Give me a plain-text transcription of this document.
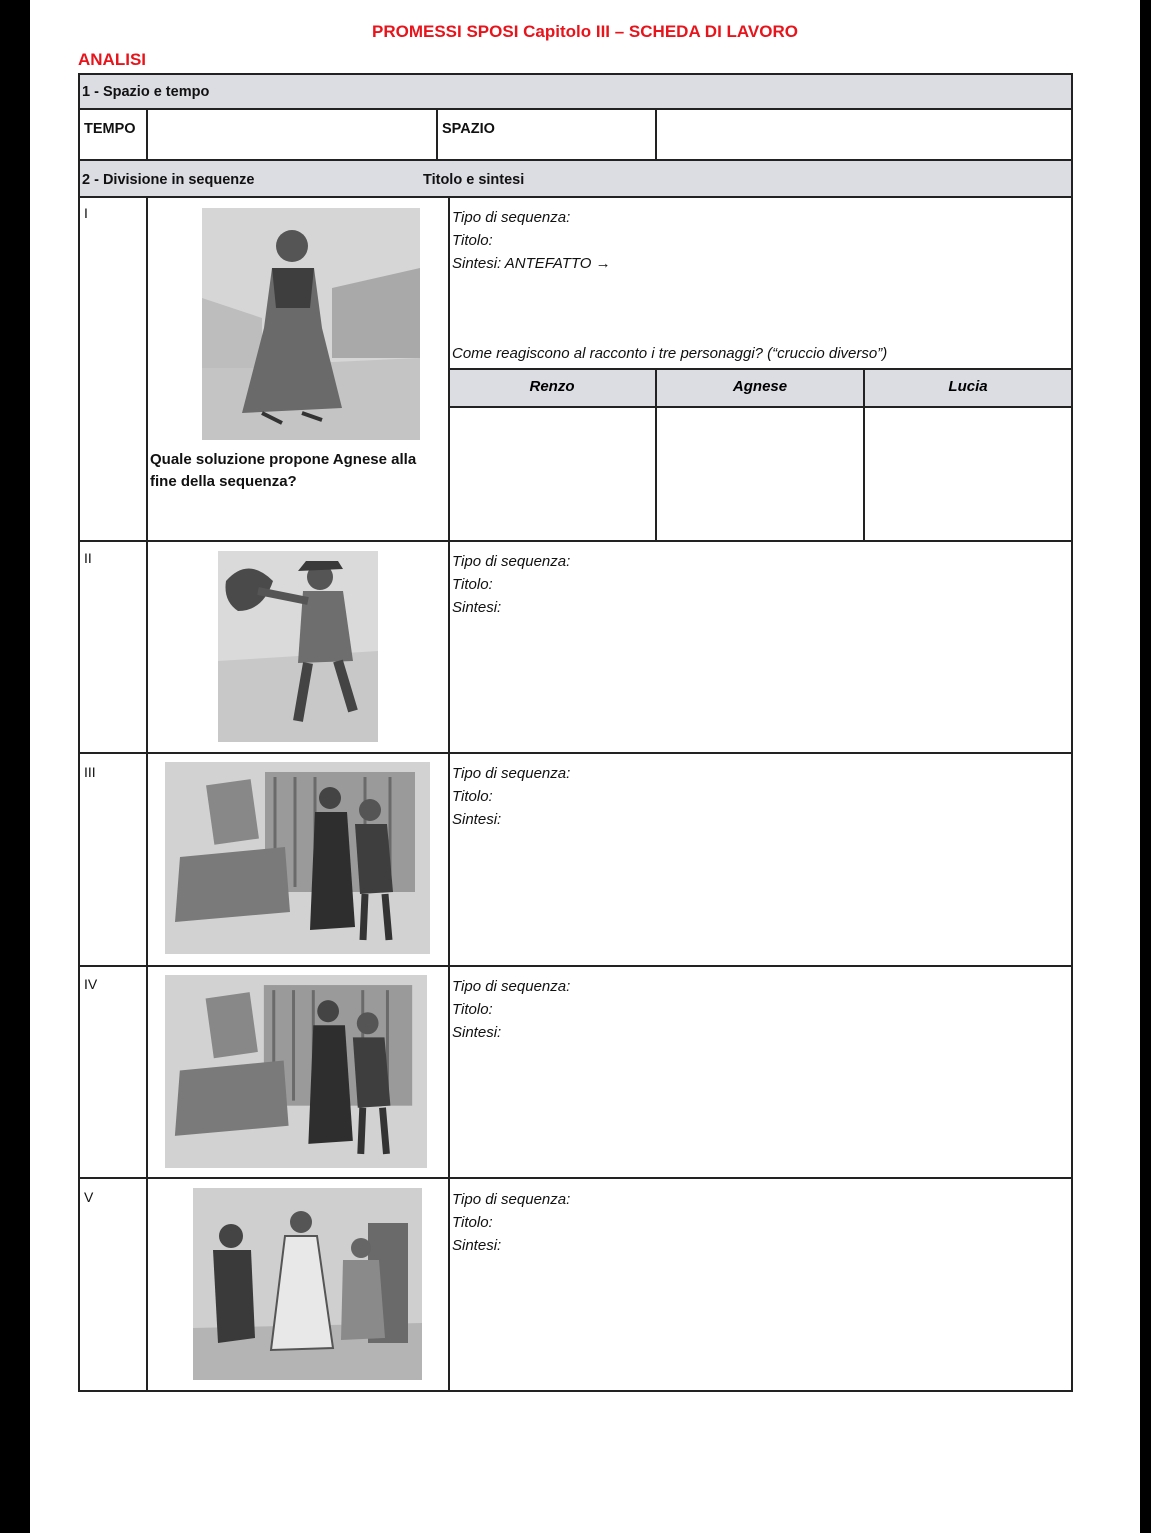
PROMESSI SPOSI Capitolo III – SCHEDA DI LAVORO
ANALISI
1 - Spazio e tempo
TEMPO	SPAZIO
2 - Divisione in sequenze	Titolo e sintesi
I	Tipo di sequenza:
Titolo:
Sintesi: ANTEFATTO →
Come reagiscono al racconto i tre personaggi? (“cruccio diverso”)
Renzo	Agnese	Lucia
Quale soluzione propone Agnese alla fine della sequenza?
II	Tipo di sequenza:
Titolo:
Sintesi:
III	Tipo di sequenza:
Titolo:
Sintesi:
IV	Tipo di sequenza:
Titolo:
Sintesi:
V	Tipo di sequenza:
Titolo:
Sintesi:
